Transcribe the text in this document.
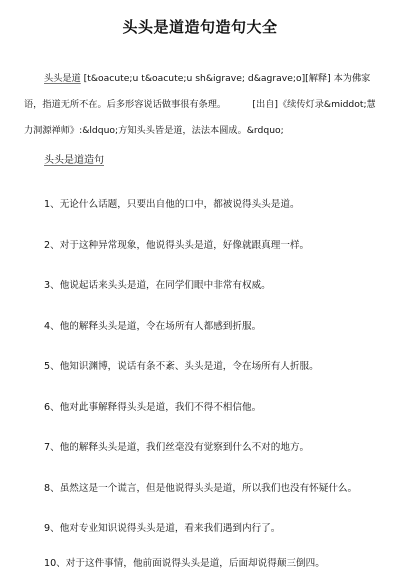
头头是道造句造句大全
头头是道 [t&oacute;u t&oacute;u sh&igrave; d&agrave;o][解释] 本为佛家语，指道无所不在。后多形容说话做事很有条理。	[出自]《续传灯录&middot;慧力洞源禅师》:&ldquo;方知头头皆是道，法法本圆成。&rdquo;
头头是道造句
1、无论什么话题，只要出自他的口中，都被说得头头是道。
2、对于这种异常现象，他说得头头是道，好像就跟真理一样。
3、他说起话来头头是道，在同学们眼中非常有权威。
4、他的解释头头是道，令在场所有人都感到折服。
5、他知识渊博，说话有条不紊、头头是道，令在场所有人折服。
6、他对此事解释得头头是道，我们不得不相信他。
7、他的解释头头是道，我们丝毫没有觉察到什么不对的地方。
8、虽然这是一个谎言，但是他说得头头是道，所以我们也没有怀疑什么。
9、他对专业知识说得头头是道，看来我们遇到内行了。
10、对于这件事情，他前面说得头头是道，后面却说得颠三倒四。
